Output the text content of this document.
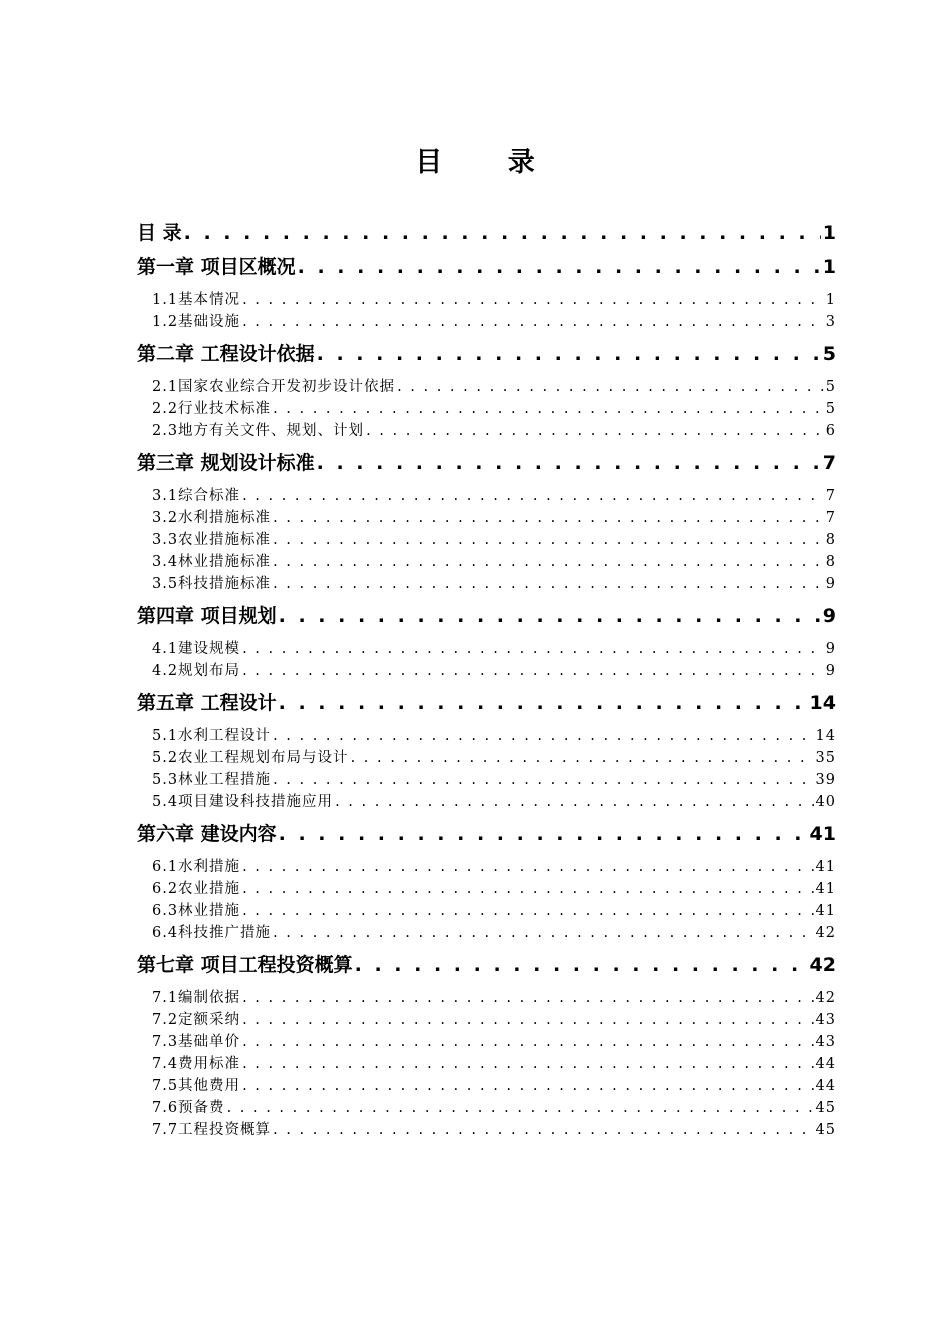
目 录
目 录 . . .	1
第一章 项目区概况 . . .	1
1.1基本情况 . . .	1
1.2基础设施 . . .	3
第二章 工程设计依据 . . .	5
2.1国家农业综合开发初步设计依据 . . .	5
2.2行业技术标准 . . .	5
2.3地方有关文件、规划、计划 . . .	6
第三章 规划设计标准 . . .	7
3.1综合标准 . . .	7
3.2水利措施标准 . . .	7
3.3农业措施标准 . . .	8
3.4林业措施标准 . . .	8
3.5科技措施标准 . . .	9
第四章 项目规划 . . .	9
4.1建设规模 . . .	9
4.2规划布局 . . .	9
第五章 工程设计 . . .	14
5.1水利工程设计 . . .	14
5.2农业工程规划布局与设计 . . .	35
5.3林业工程措施 . . .	39
5.4项目建设科技措施应用 . . .	40
第六章 建设内容 . . .	41
6.1水利措施 . . .	41
6.2农业措施 . . .	41
6.3林业措施 . . .	41
6.4科技推广措施 . . .	42
第七章 项目工程投资概算 . . .	42
7.1编制依据 . . .	42
7.2定额采纳 . . .	43
7.3基础单价 . . .	43
7.4费用标准 . . .	44
7.5其他费用 . . .	44
7.6预备费 . . .	45
7.7工程投资概算 . . .	45
